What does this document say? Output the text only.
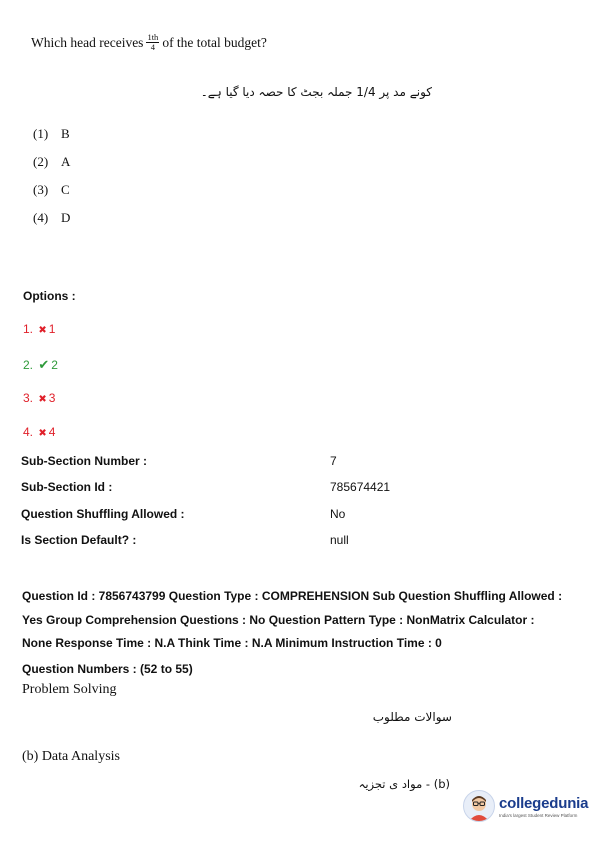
Which head receives $\frac{1th}{4}$ of the total budget?
کونے مد پر 1/4 جملہ بجٹ کا حصہ دیا گیا ہے۔
(1) B
(2) A
(3) C
(4) D
Options :
1. ✖ 1
2. ✔ 2
3. ✖ 3
4. ✖ 4
Sub-Section Number :	7
Sub-Section Id :	785674421
Question Shuffling Allowed :	No
Is Section Default? :	null
Question Id : 7856743799 Question Type : COMPREHENSION Sub Question Shuffling Allowed :
Yes Group Comprehension Questions : No Question Pattern Type : NonMatrix Calculator :
None Response Time : N.A Think Time : N.A Minimum Instruction Time : 0
Question Numbers : (52 to 55)
Problem Solving
سوالات مطلوب
(b) Data Analysis
(b) - مواد ی تجزیہ
collegedunia
India's largest Student Review Platform
